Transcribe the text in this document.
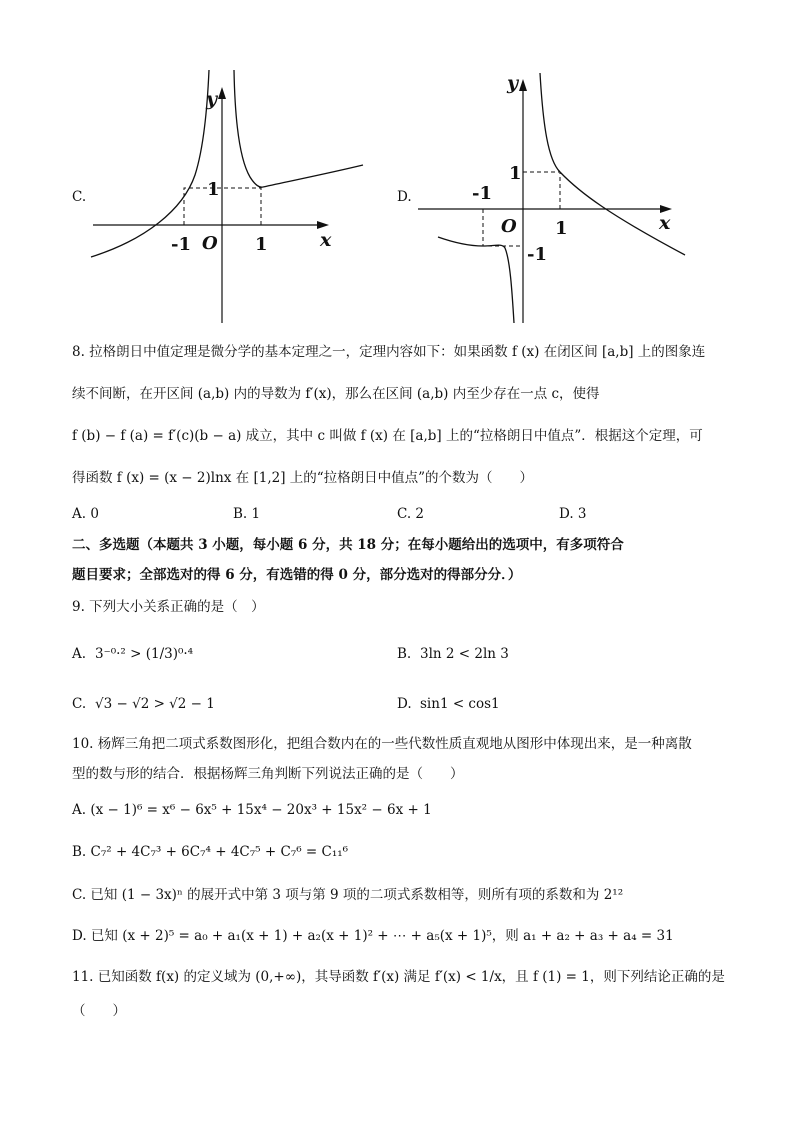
C.
y
x
O
-1	1
1	D.
y
x
O
-1
1
1
-1
8. 拉格朗日中值定理是微分学的基本定理之一，定理内容如下：如果函数 f (x) 在闭区间 [a,b] 上的图象连
续不间断，在开区间 (a,b) 内的导数为 f′(x)，那么在区间 (a,b) 内至少存在一点 c，使得
f (b) − f (a) = f′(c)(b − a) 成立，其中 c 叫做 f (x) 在 [a,b] 上的“拉格朗日中值点”．根据这个定理，可
得函数 f (x) = (x − 2)lnx 在 [1,2] 上的“拉格朗日中值点”的个数为（　　）
A. 0	B. 1	C. 2	D. 3
二、多选题（本题共 3 小题，每小题 6 分，共 18 分；在每小题给出的选项中，有多项符合
题目要求；全部选对的得 6 分，有选错的得 0 分，部分选对的得部分分．）
9. 下列大小关系正确的是（　）
A. 3⁻⁰·² > (1/3)⁰·⁴	B. 3ln 2 < 2ln 3
C. √3 − √2 > √2 − 1	D. sin1 < cos1
10. 杨辉三角把二项式系数图形化，把组合数内在的一些代数性质直观地从图形中体现出来，是一种离散
型的数与形的结合．根据杨辉三角判断下列说法正确的是（　　）
A. (x − 1)⁶ = x⁶ − 6x⁵ + 15x⁴ − 20x³ + 15x² − 6x + 1
B. C₇² + 4C₇³ + 6C₇⁴ + 4C₇⁵ + C₇⁶ = C₁₁⁶
C. 已知 (1 − 3x)ⁿ 的展开式中第 3 项与第 9 项的二项式系数相等，则所有项的系数和为 2¹²
D. 已知 (x + 2)⁵ = a₀ + a₁(x + 1) + a₂(x + 1)² + ⋯ + a₅(x + 1)⁵，则 a₁ + a₂ + a₃ + a₄ = 31
11. 已知函数 f(x) 的定义域为 (0,+∞)，其导函数 f′(x) 满足 f′(x) < 1/x，且 f (1) = 1，则下列结论正确的是
（　　）
